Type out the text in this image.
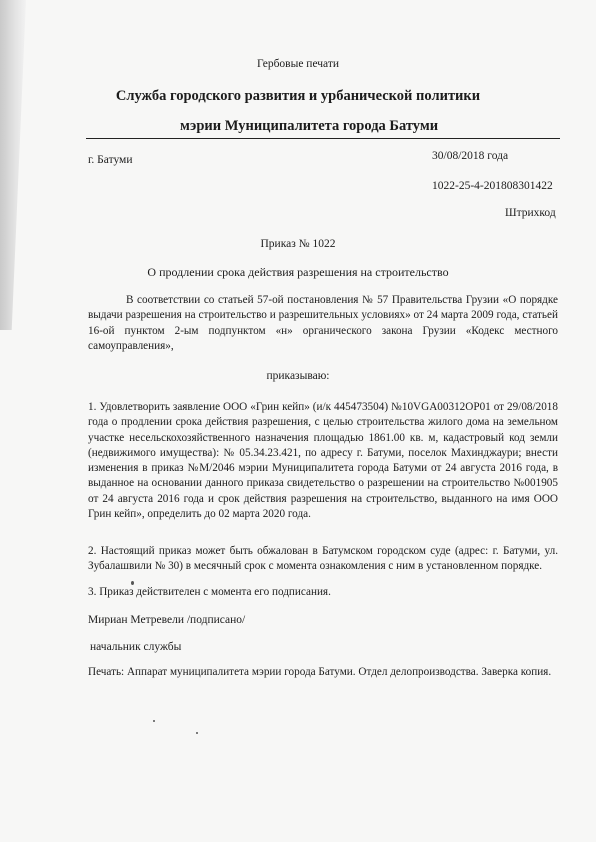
Гербовые печати
Служба городского развития и урбанической политики
мэрии Муниципалитета города Батуми
г. Батуми	30/08/2018 года
1022-25-4-201808301422
Штрихкод
Приказ № 1022
О продлении срока действия разрешения на строительство
В соответствии со статьей 57-ой постановления № 57 Правительства Грузии «О порядке выдачи разрешения на строительство и разрешительных условиях» от 24 марта 2009 года, статьей 16-ой пунктом 2-ым подпунктом «н» органического закона Грузии «Кодекс местного самоуправления»,
приказываю:
1. Удовлетворить заявление ООО «Грин кейп» (и/к 445473504) №10VGA00312OP01 от 29/08/2018 года о продлении срока действия разрешения, с целью строительства жилого дома на земельном участке несельскохозяйственного назначения площадью 1861.00 кв. м, кадастровый код земли (недвижимого имущества): № 05.34.23.421, по адресу г. Батуми, поселок Махинджаури; внести изменения в приказ №М/2046 мэрии Муниципалитета города Батуми от 24 августа 2016 года, в выданное на основании данного приказа свидетельство о разрешении на строительство №001905 от 24 августа 2016 года и срок действия разрешения на строительство, выданного на имя ООО Грин кейп», определить до 02 марта 2020 года.
2. Настоящий приказ может быть обжалован в Батумском городском суде (адрес: г. Батуми, ул. Зубалашвили № 30) в месячный срок с момента ознакомления с ним в установленном порядке.
3. Приказ действителен с момента его подписания.
Мириан Метревели /подписано/
начальник службы
Печать: Аппарат муниципалитета мэрии города Батуми. Отдел делопроизводства. Заверка копия.
